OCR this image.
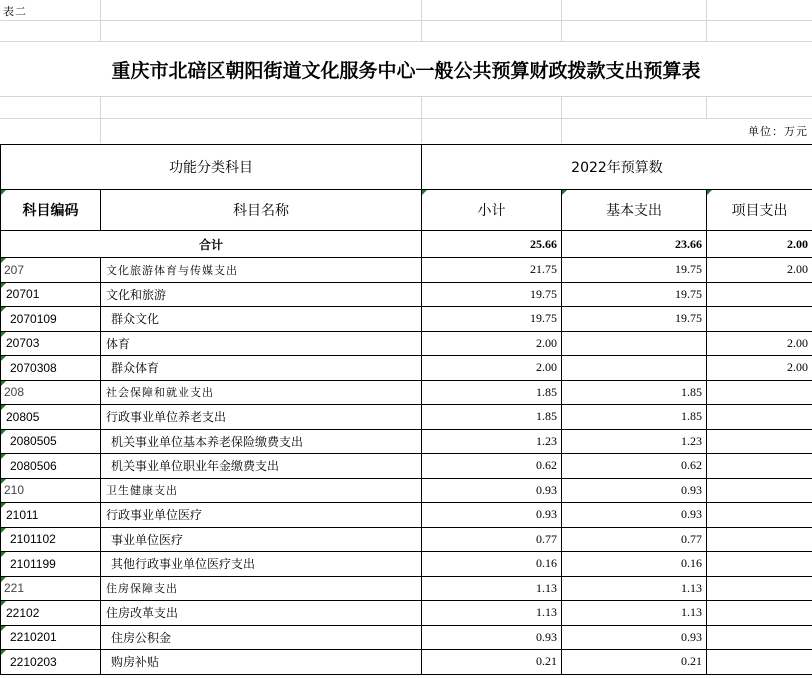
表二
重庆市北碚区朝阳街道文化服务中心一般公共预算财政拨款支出预算表
单位：万元
功能分类科目		2022年预算数		
科目编码	科目名称	小计	基本支出	项目支出
合计		25.66	23.66	2.00
207	文化旅游体育与传媒支出	21.75	19.75	2.00
20701	文化和旅游	19.75	19.75	
2070109	群众文化	19.75	19.75	
20703	体育	2.00		2.00
2070308	群众体育	2.00		2.00
208	社会保障和就业支出	1.85	1.85	
20805	行政事业单位养老支出	1.85	1.85	
2080505	机关事业单位基本养老保险缴费支出	1.23	1.23	
2080506	机关事业单位职业年金缴费支出	0.62	0.62	
210	卫生健康支出	0.93	0.93	
21011	行政事业单位医疗	0.93	0.93	
2101102	事业单位医疗	0.77	0.77	
2101199	其他行政事业单位医疗支出	0.16	0.16	
221	住房保障支出	1.13	1.13	
22102	住房改革支出	1.13	1.13	
2210201	住房公积金	0.93	0.93	
2210203	购房补贴	0.21	0.21	
